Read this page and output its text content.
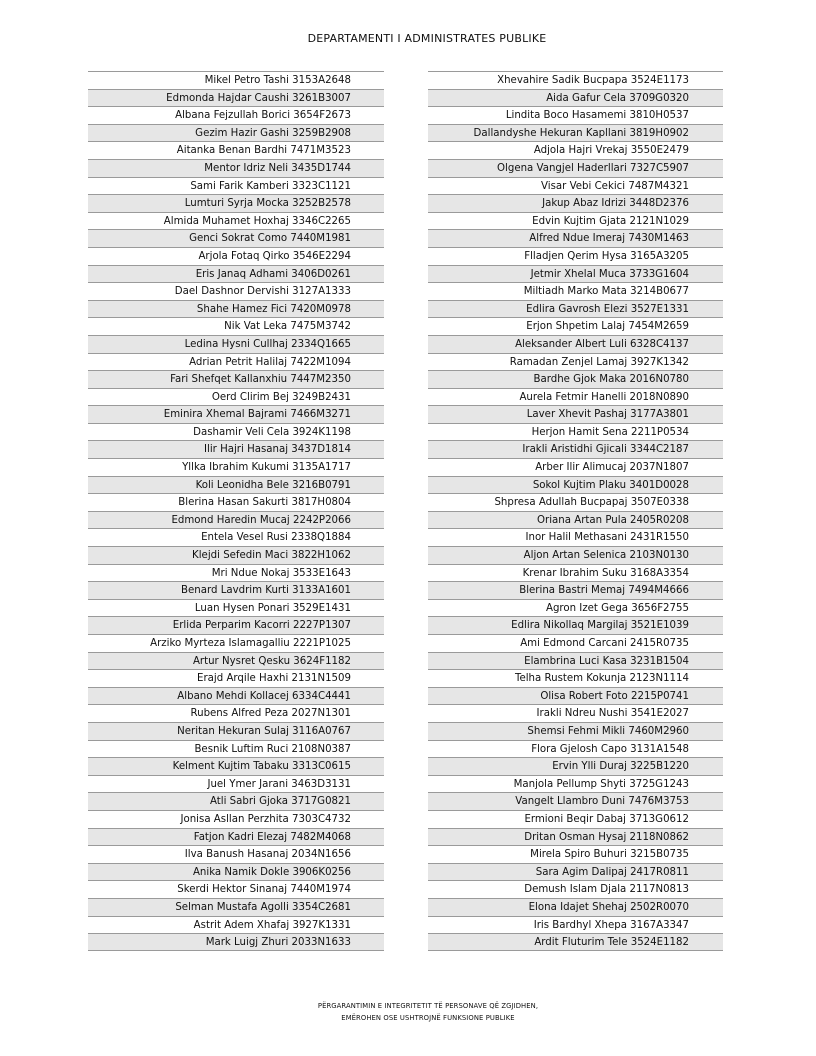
DEPARTAMENTI I ADMINISTRATES PUBLIKE
Mikel Petro Tashi 3153A2648
Edmonda Hajdar Caushi 3261B3007
Albana Fejzullah Borici 3654F2673
Gezim Hazir Gashi 3259B2908
Aitanka Benan Bardhi 7471M3523
Mentor Idriz Neli 3435D1744
Sami Farik Kamberi 3323C1121
Lumturi Syrja Mocka 3252B2578
Almida Muhamet Hoxhaj 3346C2265
Genci Sokrat Como 7440M1981
Arjola Fotaq Qirko 3546E2294
Eris Janaq Adhami 3406D0261
Dael Dashnor Dervishi 3127A1333
Shahe Hamez Fici 7420M0978
Nik Vat Leka 7475M3742
Ledina Hysni Cullhaj 2334Q1665
Adrian Petrit Halilaj 7422M1094
Fari Shefqet Kallanxhiu 7447M2350
Oerd Clirim Bej 3249B2431
Eminira Xhemal Bajrami 7466M3271
Dashamir Veli Cela 3924K1198
Ilir Hajri Hasanaj 3437D1814
Yllka Ibrahim Kukumi 3135A1717
Koli Leonidha Bele 3216B0791
Blerina Hasan Sakurti 3817H0804
Edmond Haredin Mucaj 2242P2066
Entela Vesel Rusi 2338Q1884
Klejdi Sefedin Maci 3822H1062
Mri Ndue Nokaj 3533E1643
Benard Lavdrim Kurti 3133A1601
Luan Hysen Ponari 3529E1431
Erlida Perparim Kacorri 2227P1307
Arziko Myrteza Islamagalliu 2221P1025
Artur Nysret Qesku 3624F1182
Erajd Arqile Haxhi 2131N1509
Albano Mehdi Kollacej 6334C4441
Rubens Alfred Peza 2027N1301
Neritan Hekuran Sulaj 3116A0767
Besnik Luftim Ruci 2108N0387
Kelment Kujtim Tabaku 3313C0615
Juel Ymer Jarani 3463D3131
Atli Sabri Gjoka 3717G0821
Jonisa Asllan Perzhita 7303C4732
Fatjon Kadri Elezaj 7482M4068
Ilva Banush Hasanaj 2034N1656
Anika Namik Dokle 3906K0256
Skerdi Hektor Sinanaj 7440M1974
Selman Mustafa Agolli 3354C2681
Astrit Adem Xhafaj 3927K1331
Mark Luigj Zhuri 2033N1633
Xhevahire Sadik Bucpapa 3524E1173
Aida Gafur Cela 3709G0320
Lindita Boco Hasamemi 3810H0537
Dallandyshe Hekuran Kapllani 3819H0902
Adjola Hajri Vrekaj 3550E2479
Olgena Vangjel Haderllari 7327C5907
Visar Vebi Cekici 7487M4321
Jakup Abaz Idrizi 3448D2376
Edvin Kujtim Gjata 2121N1029
Alfred Ndue Imeraj 7430M1463
Flladjen Qerim Hysa 3165A3205
Jetmir Xhelal Muca 3733G1604
Miltiadh Marko Mata 3214B0677
Edlira Gavrosh Elezi 3527E1331
Erjon Shpetim Lalaj 7454M2659
Aleksander Albert Luli 6328C4137
Ramadan Zenjel Lamaj 3927K1342
Bardhe Gjok Maka 2016N0780
Aurela Fetmir Hanelli 2018N0890
Laver Xhevit Pashaj 3177A3801
Herjon Hamit Sena 2211P0534
Irakli Aristidhi Gjicali 3344C2187
Arber Ilir Alimucaj 2037N1807
Sokol Kujtim Plaku 3401D0028
Shpresa Adullah Bucpapaj 3507E0338
Oriana Artan Pula 2405R0208
Inor Halil Methasani 2431R1550
Aljon Artan Selenica 2103N0130
Krenar Ibrahim Suku 3168A3354
Blerina Bastri Memaj 7494M4666
Agron Izet Gega 3656F2755
Edlira Nikollaq Margilaj 3521E1039
Ami Edmond Carcani 2415R0735
Elambrina Luci Kasa 3231B1504
Telha Rustem Kokunja 2123N1114
Olisa Robert Foto 2215P0741
Irakli Ndreu Nushi 3541E2027
Shemsi Fehmi Mikli 7460M2960
Flora Gjelosh Capo 3131A1548
Ervin Ylli Duraj 3225B1220
Manjola Pellump Shyti 3725G1243
Vangelt Llambro Duni 7476M3753
Ermioni Beqir Dabaj 3713G0612
Dritan Osman Hysaj 2118N0862
Mirela Spiro Buhuri 3215B0735
Sara Agim Dalipaj 2417R0811
Demush Islam Djala 2117N0813
Elona Idajet Shehaj 2502R0070
Iris Bardhyl Xhepa 3167A3347
Ardit Fluturim Tele 3524E1182
PËRGARANTIMIN E INTEGRITETIT TË PERSONAVE QË ZGJIDHEN,
EMËROHEN OSE USHTROJNË FUNKSIONE PUBLIKE
